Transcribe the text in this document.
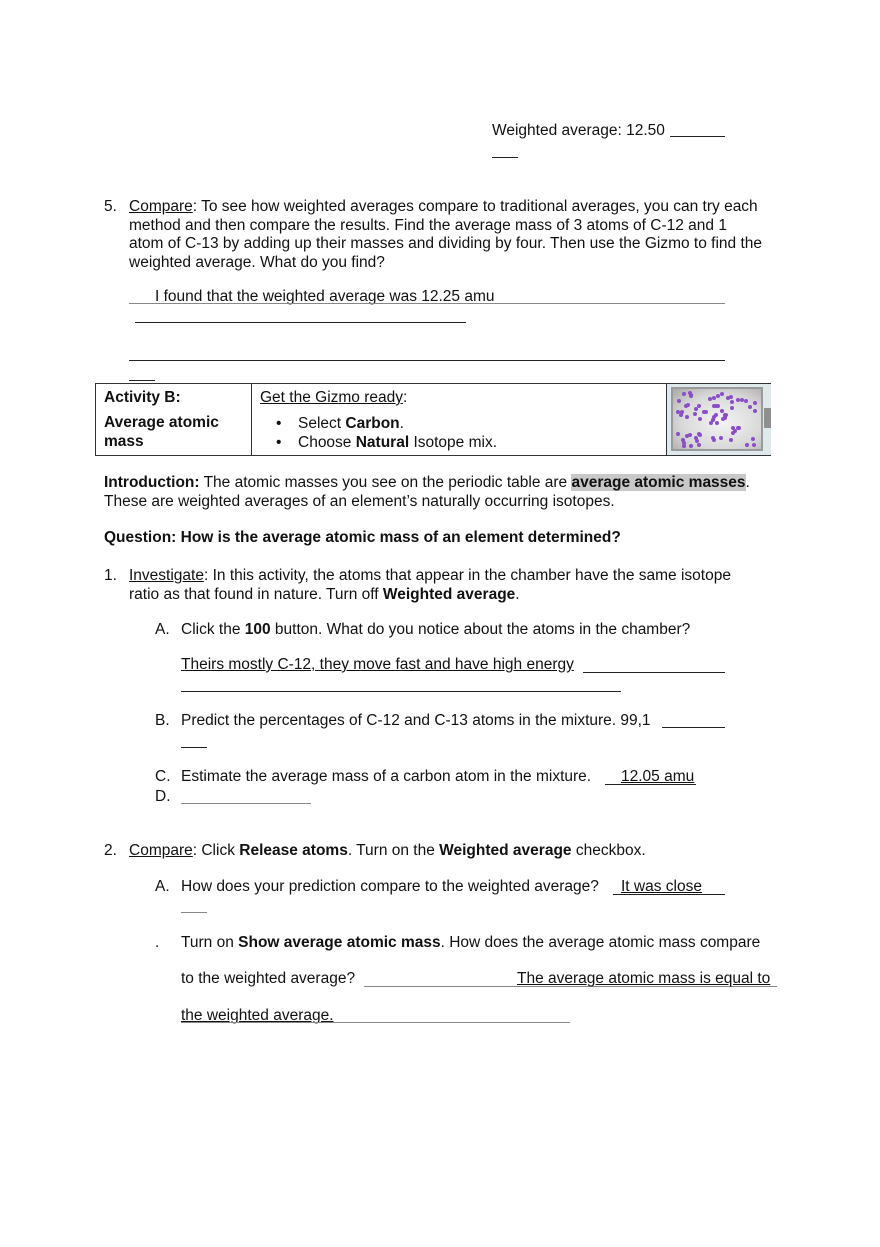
Weighted average: 12.50
5. Compare: To see how weighted averages compare to traditional averages, you can try each
method and then compare the results. Find the average mass of 3 atoms of C-12 and 1
atom of C-13 by adding up their masses and dividing by four. Then use the Gizmo to find the
weighted average. What do you find?
I found that the weighted average was 12.25 amu
Activity B:
Average atomic mass
Get the Gizmo ready:
• Select Carbon.
• Choose Natural Isotope mix.
Introduction: The atomic masses you see on the periodic table are average atomic masses.
These are weighted averages of an element’s naturally occurring isotopes.
Question: How is the average atomic mass of an element determined?
1. Investigate: In this activity, the atoms that appear in the chamber have the same isotope
ratio as that found in nature. Turn off Weighted average.
A. Click the 100 button. What do you notice about the atoms in the chamber?
Theirs mostly C-12, they move fast and have high energy
B. Predict the percentages of C-12 and C-13 atoms in the mixture. 99,1
C. Estimate the average mass of a carbon atom in the mixture. 12.05 amu
D.
2. Compare: Click Release atoms. Turn on the Weighted average checkbox.
A. How does your prediction compare to the weighted average? It was close
. Turn on Show average atomic mass. How does the average atomic mass compare
to the weighted average?	The average atomic mass is equal to
the weighted average.
